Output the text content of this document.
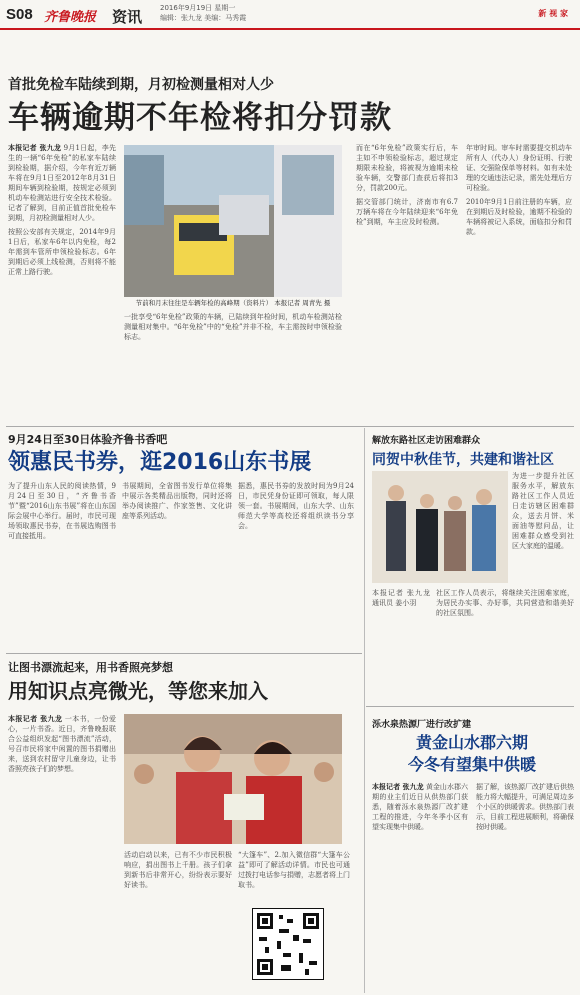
S08 齐鲁晚报 资讯	2016年9月19日 星期一
编辑：张九龙 美编：马秀霞	新 视 家
首批免检车陆续到期，月初检测量相对人少
车辆逾期不年检将扣分罚款
本报记者 张九龙 9月1日起，李先生的一辆“6年免检”的私家车陆续到检验期，据介绍，今年有近万辆车将在9月1日至2012年8月31日期间车辆到检验期，按规定必须到机动车检测站进行安全技术检验。记者了解到，目前正值首批免检车到期，月初检测量相对人少。

按照公安部有关规定，2014年9月1日后，私家车6年以内免检，每2年需到车管所申领检验标志。6年到期后必须上线检测，否则将不能正常上路行驶。

节前和月末往往是车辆年检的高峰期（资料片） 本报记者 周青先 摄
一批享受“6年免检”政策的车辆，已陆续到年检时间，机动车检测站检测量相对集中。“6年免检”中的“免检”并非不检，车主需按时申领检验标志。
而在“6年免检”政策实行后，车主如不申领检验标志，超过规定期限未检验，将被视为逾期未检验车辆，交警部门查获后将扣3分，罚款200元。

据交管部门统计，济南市有6.7万辆车将在今年陆续迎来“6年免检”到期，车主应及时检测。

年审时间。审车时需要提交机动车所有人（代办人）身份证明、行驶证、交强险保单等材料。如有未处理的交通违法记录，需先处理后方可检验。

2010年9月1日前注册的车辆，应在到期后及时检验，逾期不检验的车辆将被记入系统，面临扣分和罚款。

9月24日至30日体验齐鲁书香吧
领惠民书券，逛2016山东书展
为了提升山东人民的阅读热情，9月24日至30日，“齐鲁书香节”暨“2016山东书展”将在山东国际会展中心举行。届时，市民可现场领取惠民书券，在书展选购图书可直接抵用。
书展期间，全省图书发行单位将集中展示各类精品出版物，同时还将举办阅读推广、作家签售、文化讲座等系列活动。
据悉，惠民书券的发放时间为9月24日，市民凭身份证即可领取，每人限领一套。书展期间，山东大学、山东师范大学等高校还将组织读书分享会。
解放东路社区走访困难群众
同贺中秋佳节，共建和谐社区
为进一步提升社区服务水平，解放东路社区工作人员近日走访辖区困难群众，送去月饼、米面油等慰问品，让困难群众感受到社区大家庭的温暖。
本报记者 张九龙 通讯员 姜小羽
社区工作人员表示，将继续关注困难家庭，为居民办实事、办好事，共同营造和谐美好的社区氛围。
让图书漂流起来，用书香照亮梦想
用知识点亮微光，等您来加入
本报记者 张九龙 一本书，一份爱心，一片书香。近日，齐鲁晚报联合公益组织发起“图书漂流”活动，号召市民将家中闲置的图书捐赠出来，送到农村留守儿童身边，让书香照亮孩子们的梦想。
活动启动以来，已有不少市民积极响应，捐出图书上千册。孩子们拿到新书后非常开心，纷纷表示要好好读书。
“大篷车”、2.加入微信群“大篷车公益”即可了解活动详情。市民也可通过拨打电话参与捐赠，志愿者将上门取书。
泺水泉热源厂进行改扩建
黄金山水郡六期
今冬有望集中供暖
本报记者 张九龙 黄金山水郡六期的业主们近日从供热部门获悉，随着泺水泉热源厂改扩建工程的推进，今年冬季小区有望实现集中供暖。
据了解，该热源厂改扩建后供热能力将大幅提升，可满足周边多个小区的供暖需求。供热部门表示，目前工程进展顺利，将确保按时供暖。
